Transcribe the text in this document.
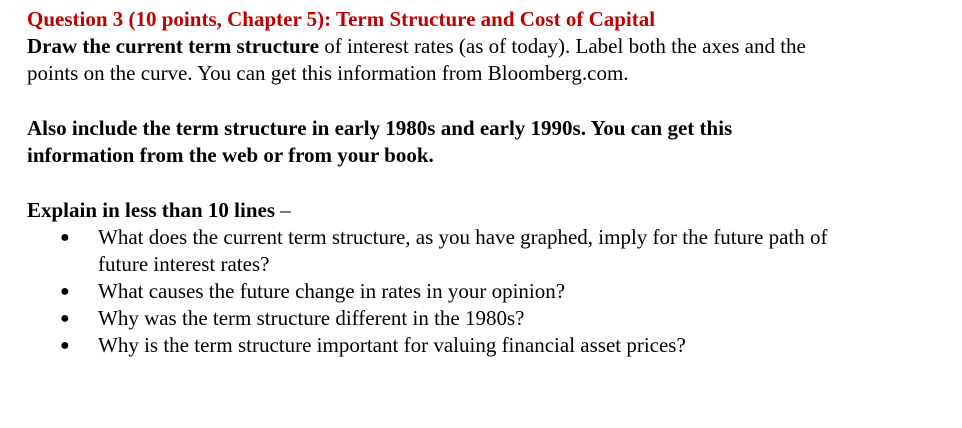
Question 3 (10 points, Chapter 5): Term Structure and Cost of Capital
Draw the current term structure of interest rates (as of today). Label both the axes and the
points on the curve. You can get this information from Bloomberg.com.
Also include the term structure in early 1980s and early 1990s. You can get this
information from the web or from your book.
Explain in less than 10 lines –
● What does the current term structure, as you have graphed, imply for the future path of
future interest rates?
● What causes the future change in rates in your opinion?
● Why was the term structure different in the 1980s?
● Why is the term structure important for valuing financial asset prices?
